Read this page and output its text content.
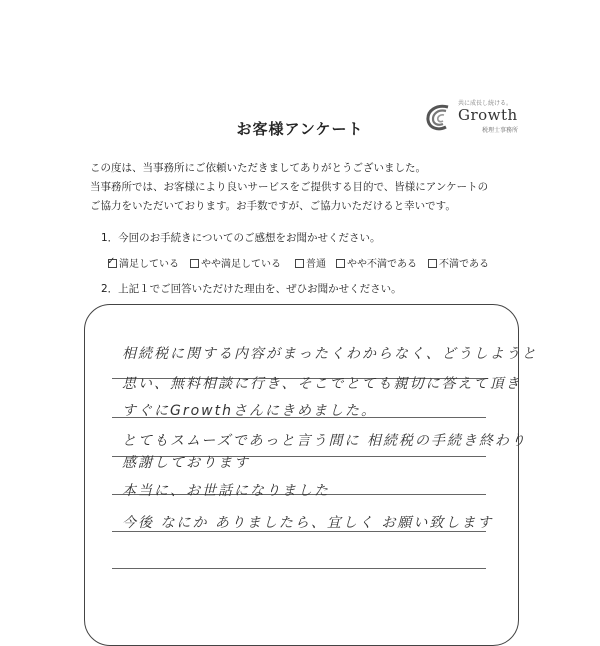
お客様アンケート
共に成長し続ける。
Growth
税理士事務所
この度は、当事務所にご依頼いただきましてありがとうございました。
当事務所では、お客様により良いサービスをご提供する目的で、皆様にアンケートの
ご協力をいただいております。お手数ですが、ご協力いただけると幸いです。
1．今回のお手続きについてのご感想をお聞かせください。
✓ 満足している	やや満足している	普通	やや不満である	不満である
2．上記１でご回答いただけた理由を、ぜひお聞かせください。
相続税に関する内容がまったくわからなく、どうしようと
思い、無料相談に行き、そこでとても親切に答えて頂き
すぐにGrowthさんにきめました。
とてもスムーズであっと言う間に 相続税の手続き終わり
感謝しております
本当に、お世話になりました
今後 なにか ありましたら、宜しく お願い致します
